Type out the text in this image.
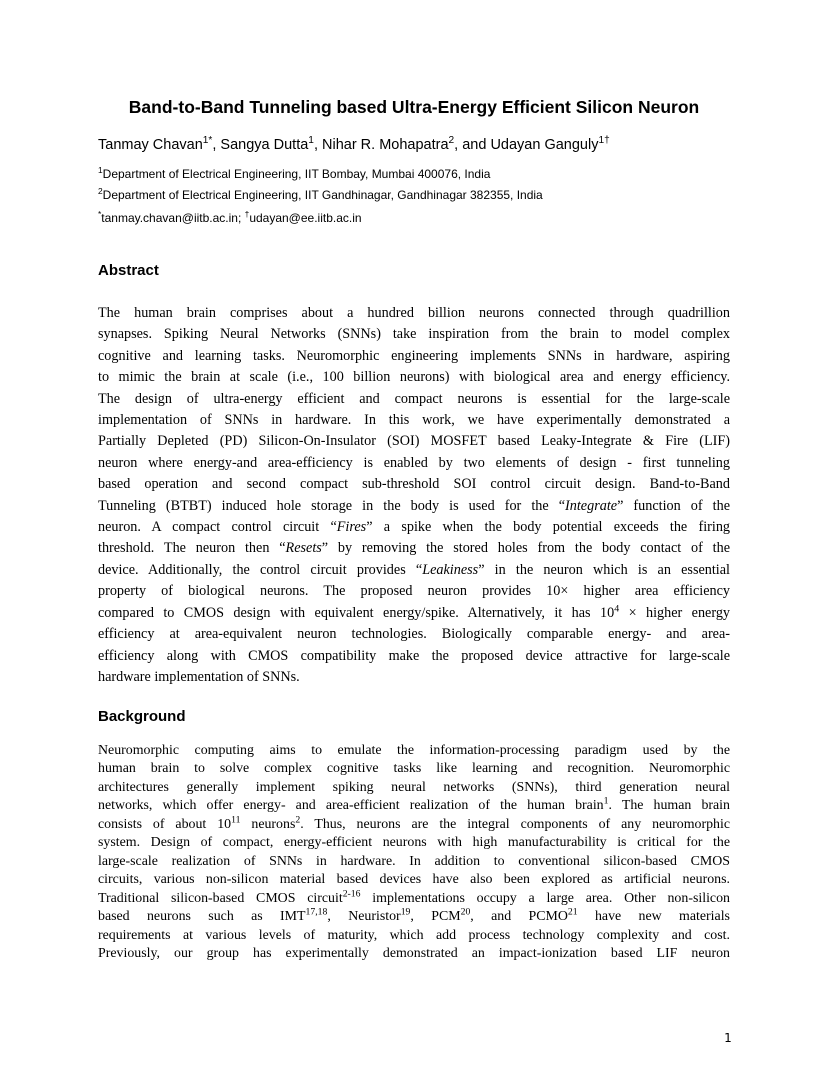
Band-to-Band Tunneling based Ultra-Energy Efficient Silicon Neuron
Tanmay Chavan$^{1*}$, Sangya Dutta$^1$, Nihar R. Mohapatra$^2$, and Udayan Ganguly$^{1\dagger}$
$^1$Department of Electrical Engineering, IIT Bombay, Mumbai 400076, India
$^2$Department of Electrical Engineering, IIT Gandhinagar, Gandhinagar 382355, India
*tanmay.chavan@iitb.ac.in; †udayan@ee.iitb.ac.in
Abstract
The human brain comprises about a hundred billion neurons connected through quadrillion
synapses. Spiking Neural Networks (SNNs) take inspiration from the brain to model complex
cognitive and learning tasks. Neuromorphic engineering implements SNNs in hardware, aspiring
to mimic the brain at scale (i.e., 100 billion neurons) with biological area and energy efficiency.
The design of ultra-energy efficient and compact neurons is essential for the large-scale
implementation of SNNs in hardware. In this work, we have experimentally demonstrated a
Partially Depleted (PD) Silicon-On-Insulator (SOI) MOSFET based Leaky-Integrate & Fire (LIF)
neuron where energy-and area-efficiency is enabled by two elements of design - first tunneling
based operation and second compact sub-threshold SOI control circuit design. Band-to-Band
Tunneling (BTBT) induced hole storage in the body is used for the “Integrate” function of the
neuron. A compact control circuit “Fires” a spike when the body potential exceeds the firing
threshold. The neuron then “Resets” by removing the stored holes from the body contact of the
device. Additionally, the control circuit provides “Leakiness” in the neuron which is an essential
property of biological neurons. The proposed neuron provides 10× higher area efficiency
compared to CMOS design with equivalent energy/spike. Alternatively, it has $10^4$ × higher energy
efficiency at area-equivalent neuron technologies. Biologically comparable energy- and area-
efficiency along with CMOS compatibility make the proposed device attractive for large-scale
hardware implementation of SNNs.
Background
Neuromorphic computing aims to emulate the information-processing paradigm used by the
human brain to solve complex cognitive tasks like learning and recognition. Neuromorphic
architectures generally implement spiking neural networks (SNNs), third generation neural
networks, which offer energy- and area-efficient realization of the human brain$^1$. The human brain
consists of about $10^{11}$ neurons$^2$. Thus, neurons are the integral components of any neuromorphic
system. Design of compact, energy-efficient neurons with high manufacturability is critical for the
large-scale realization of SNNs in hardware. In addition to conventional silicon-based CMOS
circuits, various non-silicon material based devices have also been explored as artificial neurons.
Traditional silicon-based CMOS circuit$^{2-16}$ implementations occupy a large area. Other non-silicon
based neurons such as IMT$^{17,18}$, Neuristor$^{19}$, PCM$^{20}$, and PCMO$^{21}$ have new materials
requirements at various levels of maturity, which add process technology complexity and cost.
Previously, our group has experimentally demonstrated an impact-ionization based LIF neuron
1
